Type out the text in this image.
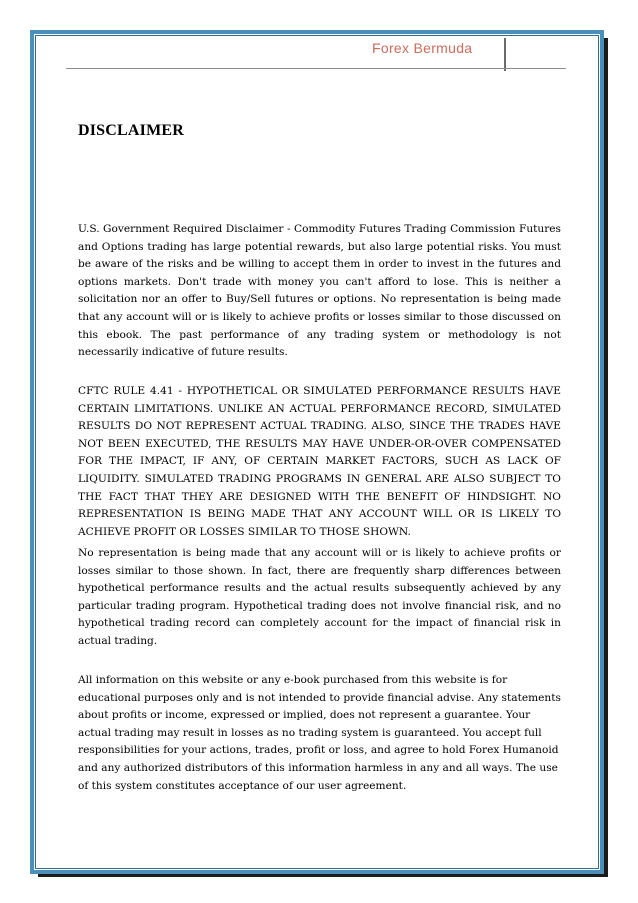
Forex Bermuda
DISCLAIMER

U.S. Government Required Disclaimer - Commodity Futures Trading Commission Futures and Options trading has large potential rewards, but also large potential risks. You must be aware of the risks and be willing to accept them in order to invest in the futures and options markets. Don't trade with money you can't afford to lose. This is neither a solicitation nor an offer to Buy/Sell futures or options. No representation is being made that any account will or is likely to achieve profits or losses similar to those discussed on this ebook. The past performance of any trading system or methodology is not necessarily indicative of future results.

CFTC RULE 4.41 - HYPOTHETICAL OR SIMULATED PERFORMANCE RESULTS HAVE CERTAIN LIMITATIONS. UNLIKE AN ACTUAL PERFORMANCE RECORD, SIMULATED RESULTS DO NOT REPRESENT ACTUAL TRADING. ALSO, SINCE THE TRADES HAVE NOT BEEN EXECUTED, THE RESULTS MAY HAVE UNDER-OR-OVER COMPENSATED FOR THE IMPACT, IF ANY, OF CERTAIN MARKET FACTORS, SUCH AS LACK OF LIQUIDITY. SIMULATED TRADING PROGRAMS IN GENERAL ARE ALSO SUBJECT TO THE FACT THAT THEY ARE DESIGNED WITH THE BENEFIT OF HINDSIGHT. NO REPRESENTATION IS BEING MADE THAT ANY ACCOUNT WILL OR IS LIKELY TO ACHIEVE PROFIT OR LOSSES SIMILAR TO THOSE SHOWN.

No representation is being made that any account will or is likely to achieve profits or losses similar to those shown. In fact, there are frequently sharp differences between hypothetical performance results and the actual results subsequently achieved by any particular trading program. Hypothetical trading does not involve financial risk, and no hypothetical trading record can completely account for the impact of financial risk in actual trading.

All information on this website or any e-book purchased from this website is for educational purposes only and is not intended to provide financial advise. Any statements about profits or income, expressed or implied, does not represent a guarantee. Your actual trading may result in losses as no trading system is guaranteed. You accept full responsibilities for your actions, trades, profit or loss, and agree to hold Forex Humanoid and any authorized distributors of this information harmless in any and all ways. The use of this system constitutes acceptance of our user agreement.
